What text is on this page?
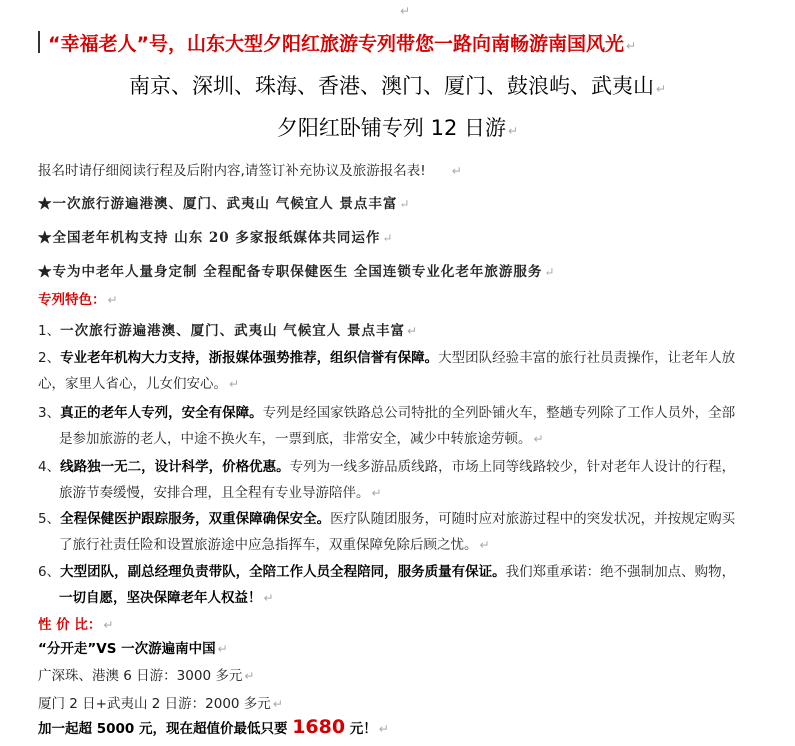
↵
“幸福老人”号，山东大型夕阳红旅游专列带您一路向南畅游南国风光 ↵
南京、深圳、珠海、香港、澳门、厦门、鼓浪屿、武夷山 ↵
夕阳红卧铺专列 12 日游 ↵
报名时请仔细阅读行程及后附内容,请签订补充协议及旅游报名表! ↵
★一次旅行游遍港澳、厦门、武夷山 气候宜人 景点丰富 ↵
★全国老年机构支持 山东 20 多家报纸媒体共同运作 ↵
★专为中老年人量身定制 全程配备专职保健医生 全国连锁专业化老年旅游服务 ↵
专列特色： ↵
1、一次旅行游遍港澳、厦门、武夷山 气候宜人 景点丰富 ↵
2、专业老年机构大力支持，浙报媒体强势推荐，组织信誉有保障。大型团队经验丰富的旅行社员责操作，让老年人放
心，家里人省心，儿女们安心。 ↵
3、真正的老年人专列，安全有保障。专列是经国家铁路总公司特批的全列卧铺火车，整趟专列除了工作人员外，全部
是参加旅游的老人，中途不换火车，一票到底，非常安全，减少中转旅途劳顿。 ↵
4、线路独一无二，设计科学，价格优惠。专列为一线多游品质线路，市场上同等线路较少，针对老年人设计的行程，
旅游节奏缓慢，安排合理，且全程有专业导游陪伴。 ↵
5、全程保健医护跟踪服务，双重保障确保安全。医疗队随团服务，可随时应对旅游过程中的突发状况，并按规定购买
了旅行社责任险和设置旅游途中应急指挥车，双重保障免除后顾之忧。 ↵
6、大型团队，副总经理负责带队，全陪工作人员全程陪同，服务质量有保证。我们郑重承诺：绝不强制加点、购物，
一切自愿，坚决保障老年人权益！ ↵
性 价 比： ↵
“分开走”VS 一次游遍南中国 ↵
广深珠、港澳 6 日游：3000 多元 ↵
厦门 2 日+武夷山 2 日游：2000 多元 ↵
加一起超 5000 元，现在超值价最低只要 1680 元！ ↵
